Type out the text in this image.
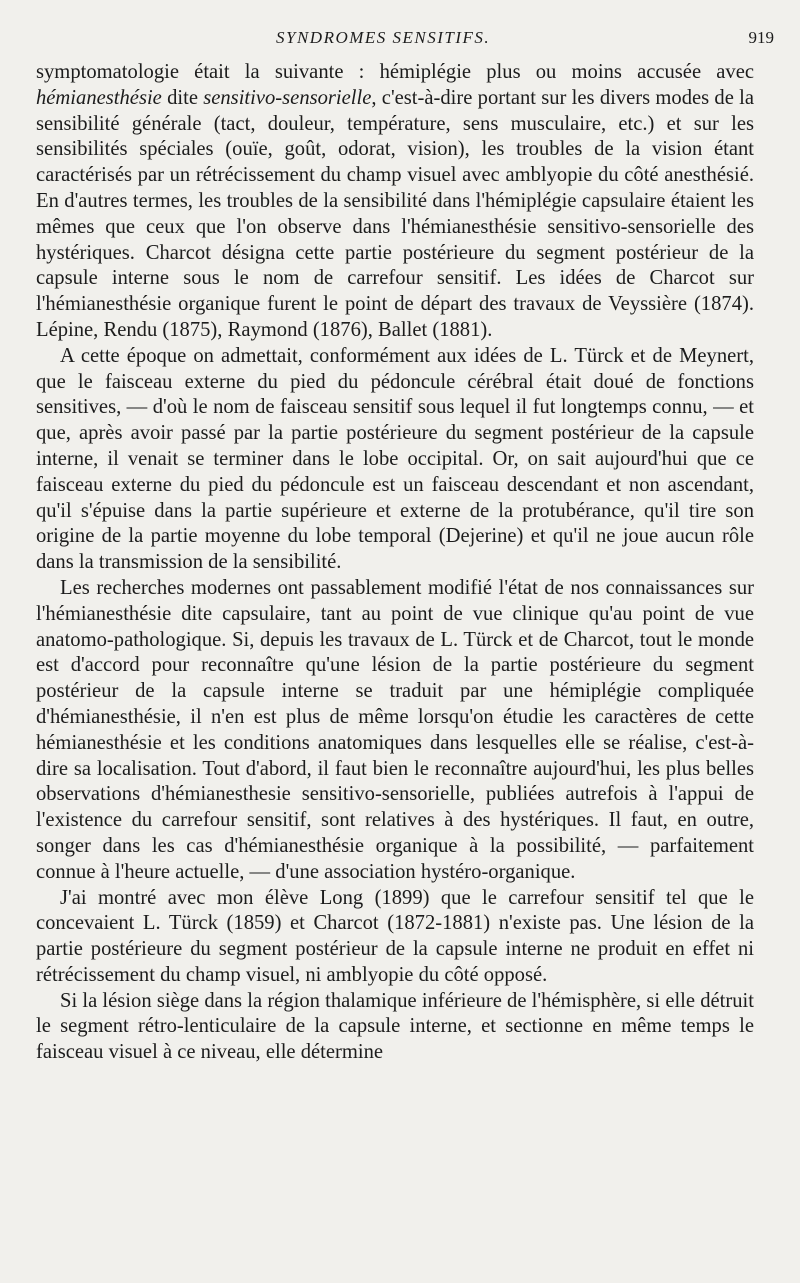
SYNDROMES SENSITIFS.	919

symptomatologie était la suivante : hémiplégie plus ou moins accusée avec hémianesthésie dite sensitivo-sensorielle, c'est-à-dire portant sur les divers modes de la sensibilité générale (tact, douleur, température, sens musculaire, etc.) et sur les sensibilités spéciales (ouïe, goût, odorat, vision), les troubles de la vision étant caractérisés par un rétrécissement du champ visuel avec amblyopie du côté anesthésié. En d'autres termes, les troubles de la sensibilité dans l'hémiplégie capsulaire étaient les mêmes que ceux que l'on observe dans l'hémianesthésie sensitivo-sensorielle des hystériques. Charcot désigna cette partie postérieure du segment postérieur de la capsule interne sous le nom de carrefour sensitif. Les idées de Charcot sur l'hémianesthésie organique furent le point de départ des travaux de Veyssière (1874). Lépine, Rendu (1875), Raymond (1876), Ballet (1881).

A cette époque on admettait, conformément aux idées de L. Türck et de Meynert, que le faisceau externe du pied du pédoncule cérébral était doué de fonctions sensitives, — d'où le nom de faisceau sensitif sous lequel il fut longtemps connu, — et que, après avoir passé par la partie postérieure du segment postérieur de la capsule interne, il venait se terminer dans le lobe occipital. Or, on sait aujourd'hui que ce faisceau externe du pied du pédoncule est un faisceau descendant et non ascendant, qu'il s'épuise dans la partie supérieure et externe de la protubérance, qu'il tire son origine de la partie moyenne du lobe temporal (Dejerine) et qu'il ne joue aucun rôle dans la transmission de la sensibilité.

Les recherches modernes ont passablement modifié l'état de nos connaissances sur l'hémianesthésie dite capsulaire, tant au point de vue clinique qu'au point de vue anatomo-pathologique. Si, depuis les travaux de L. Türck et de Charcot, tout le monde est d'accord pour reconnaître qu'une lésion de la partie postérieure du segment postérieur de la capsule interne se traduit par une hémiplégie compliquée d'hémianesthésie, il n'en est plus de même lorsqu'on étudie les caractères de cette hémianesthésie et les conditions anatomiques dans lesquelles elle se réalise, c'est-à-dire sa localisation. Tout d'abord, il faut bien le reconnaître aujourd'hui, les plus belles observations d'hémianesthesie sensitivo-sensorielle, publiées autrefois à l'appui de l'existence du carrefour sensitif, sont relatives à des hystériques. Il faut, en outre, songer dans les cas d'hémianesthésie organique à la possibilité, — parfaitement connue à l'heure actuelle, — d'une association hystéro-organique.

J'ai montré avec mon élève Long (1899) que le carrefour sensitif tel que le concevaient L. Türck (1859) et Charcot (1872-1881) n'existe pas. Une lésion de la partie postérieure du segment postérieur de la capsule interne ne produit en effet ni rétrécissement du champ visuel, ni amblyopie du côté opposé.

Si la lésion siège dans la région thalamique inférieure de l'hémisphère, si elle détruit le segment rétro-lenticulaire de la capsule interne, et sectionne en même temps le faisceau visuel à ce niveau, elle détermine
